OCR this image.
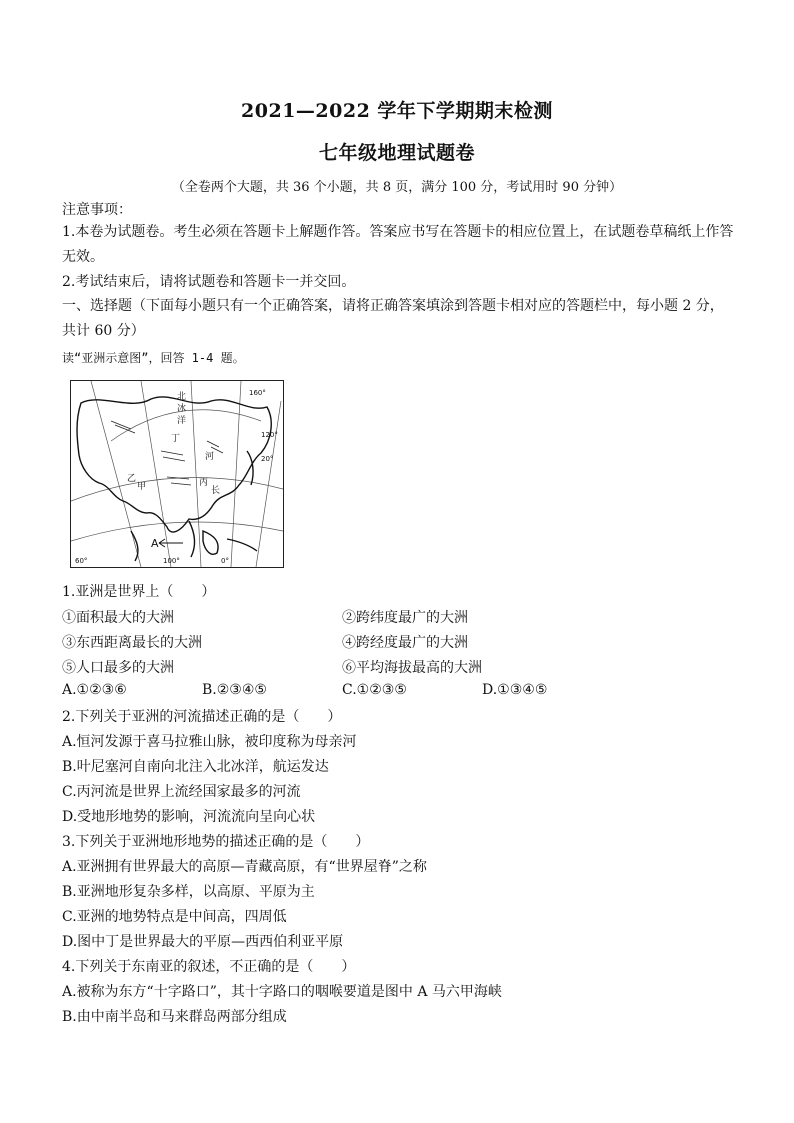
2021—2022 学年下学期期末检测
七年级地理试题卷
（全卷两个大题，共 36 个小题，共 8 页，满分 100 分，考试用时 90 分钟）
注意事项：
1.本卷为试题卷。考生必须在答题卡上解题作答。答案应书写在答题卡的相应位置上，在试题卷草稿纸上作答无效。
2.考试结束后，请将试题卷和答题卡一并交回。
一、选择题（下面每小题只有一个正确答案，请将正确答案填涂到答题卡相对应的答题栏中，每小题 2 分，共计 60 分）
读“亚洲示意图”，回答 1-4 题。
北
冰
洋
河
丁
乙
甲	丙
长
A
160°
120°
20°
60°	100°	0°
1.亚洲是世界上（　　）
①面积最大的大洲	②跨纬度最广的大洲
③东西距离最长的大洲	④跨经度最广的大洲
⑤人口最多的大洲	⑥平均海拔最高的大洲
A.①②③⑥	B.②③④⑤	C.①②③⑤	D.①③④⑤
2.下列关于亚洲的河流描述正确的是（　　）
A.恒河发源于喜马拉雅山脉，被印度称为母亲河
B.叶尼塞河自南向北注入北冰洋，航运发达
C.丙河流是世界上流经国家最多的河流
D.受地形地势的影响，河流流向呈向心状
3.下列关于亚洲地形地势的描述正确的是（　　）
A.亚洲拥有世界最大的高原—青藏高原，有“世界屋脊”之称
B.亚洲地形复杂多样，以高原、平原为主
C.亚洲的地势特点是中间高，四周低
D.图中丁是世界最大的平原—西西伯利亚平原
4.下列关于东南亚的叙述，不正确的是（　　）
A.被称为东方“十字路口”，其十字路口的咽喉要道是图中 A 马六甲海峡
B.由中南半岛和马来群岛两部分组成
